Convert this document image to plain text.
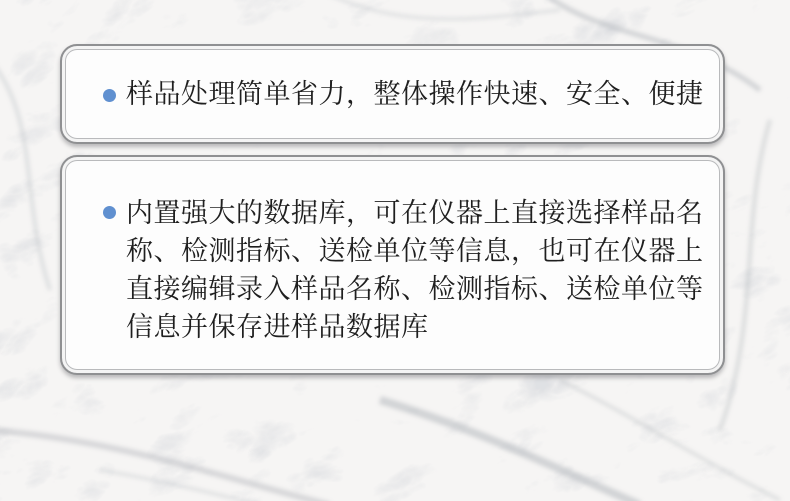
样品处理简单省力，整体操作快速、安全、便捷
内置强大的数据库，可在仪器上直接选择样品名
称、检测指标、送检单位等信息，也可在仪器上
直接编辑录入样品名称、检测指标、送检单位等
信息并保存进样品数据库
